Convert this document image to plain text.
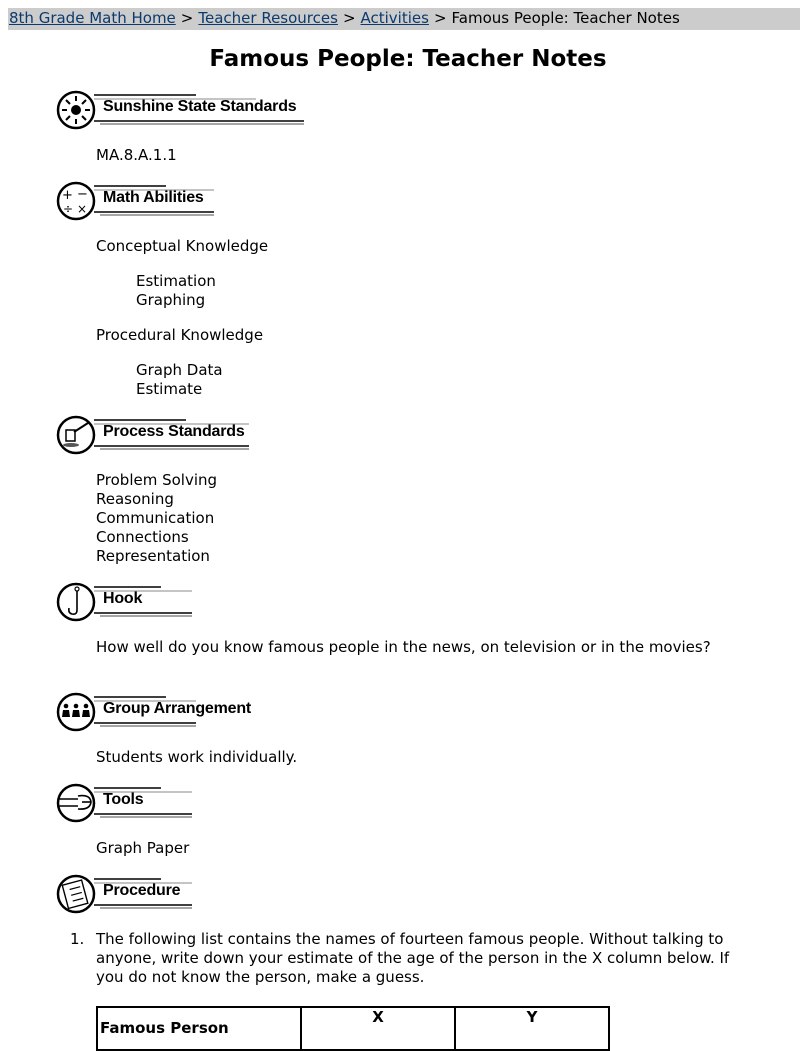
8th Grade Math Home > Teacher Resources > Activities > Famous People: Teacher Notes
Famous People: Teacher Notes
Sunshine State Standards
MA.8.A.1.1
+ −
÷ ×
Math Abilities
Conceptual Knowledge
Estimation
Graphing
Procedural Knowledge
Graph Data
Estimate
Process Standards
Problem Solving
Reasoning
Communication
Connections
Representation
Hook
How well do you know famous people in the news, on television or in the movies?
Group Arrangement
Students work individually.
Tools
Graph Paper
Procedure
1. The following list contains the names of fourteen famous people. Without talking to anyone, write down your estimate of the age of the person in the X column below. If you do not know the person, make a guess.
Famous Person	X	Y
